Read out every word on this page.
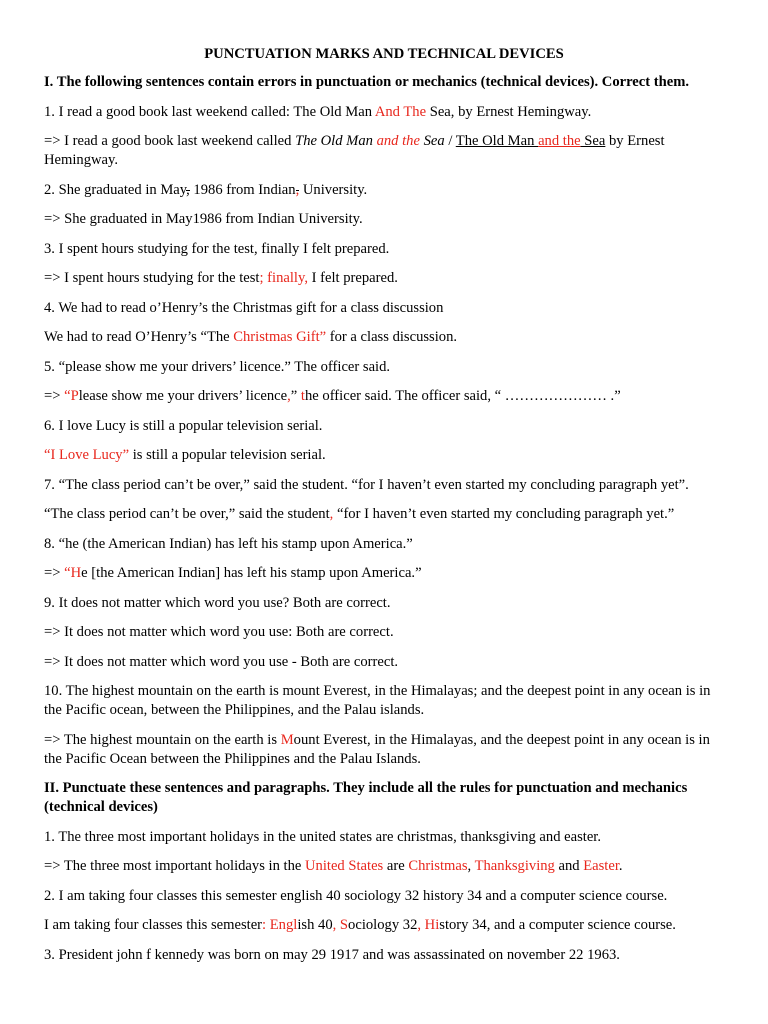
PUNCTUATION MARKS AND TECHNICAL DEVICES
I. The following sentences contain errors in punctuation or mechanics (technical devices). Correct them.
1. I read a good book last weekend called: The Old Man And The Sea, by Ernest Hemingway.
=> I read a good book last weekend called The Old Man and the Sea / The Old Man and the Sea by Ernest Hemingway.
2. She graduated in May, 1986 from Indian, University.
=> She graduated in May1986 from Indian University.
3. I spent hours studying for the test, finally I felt prepared.
=> I spent hours studying for the test; finally, I felt prepared.
4. We had to read o’Henry’s the Christmas gift for a class discussion
We had to read O’Henry’s “The Christmas Gift” for a class discussion.
5. “please show me your drivers’ licence.” The officer said.
=> “Please show me your drivers’ licence,” the officer said. The officer said, “ ………………… .”
6. I love Lucy is still a popular television serial.
“I Love Lucy” is still a popular television serial.
7. “The class period can’t be over,” said the student. “for I haven’t even started my concluding paragraph yet”.
“The class period can’t be over,” said the student, “for I haven’t even started my concluding paragraph yet.”
8. “he (the American Indian) has left his stamp upon America.”
=> “He [the American Indian] has left his stamp upon America.”
9. It does not matter which word you use? Both are correct.
=> It does not matter which word you use: Both are correct.
=> It does not matter which word you use - Both are correct.
10. The highest mountain on the earth is mount Everest, in the Himalayas; and the deepest point in any ocean is in the Pacific ocean, between the Philippines, and the Palau islands.
=> The highest mountain on the earth is Mount Everest, in the Himalayas, and the deepest point in any ocean is in the Pacific Ocean between the Philippines and the Palau Islands.
II. Punctuate these sentences and paragraphs. They include all the rules for punctuation and mechanics (technical devices)
1. The three most important holidays in the united states are christmas, thanksgiving and easter.
=> The three most important holidays in the United States are Christmas, Thanksgiving and Easter.
2. I am taking four classes this semester english 40 sociology 32 history 34 and a computer science course.
I am taking four classes this semester: English 40, Sociology 32, History 34, and a computer science course.
3. President john f kennedy was born on may 29 1917 and was assassinated on november 22 1963.
